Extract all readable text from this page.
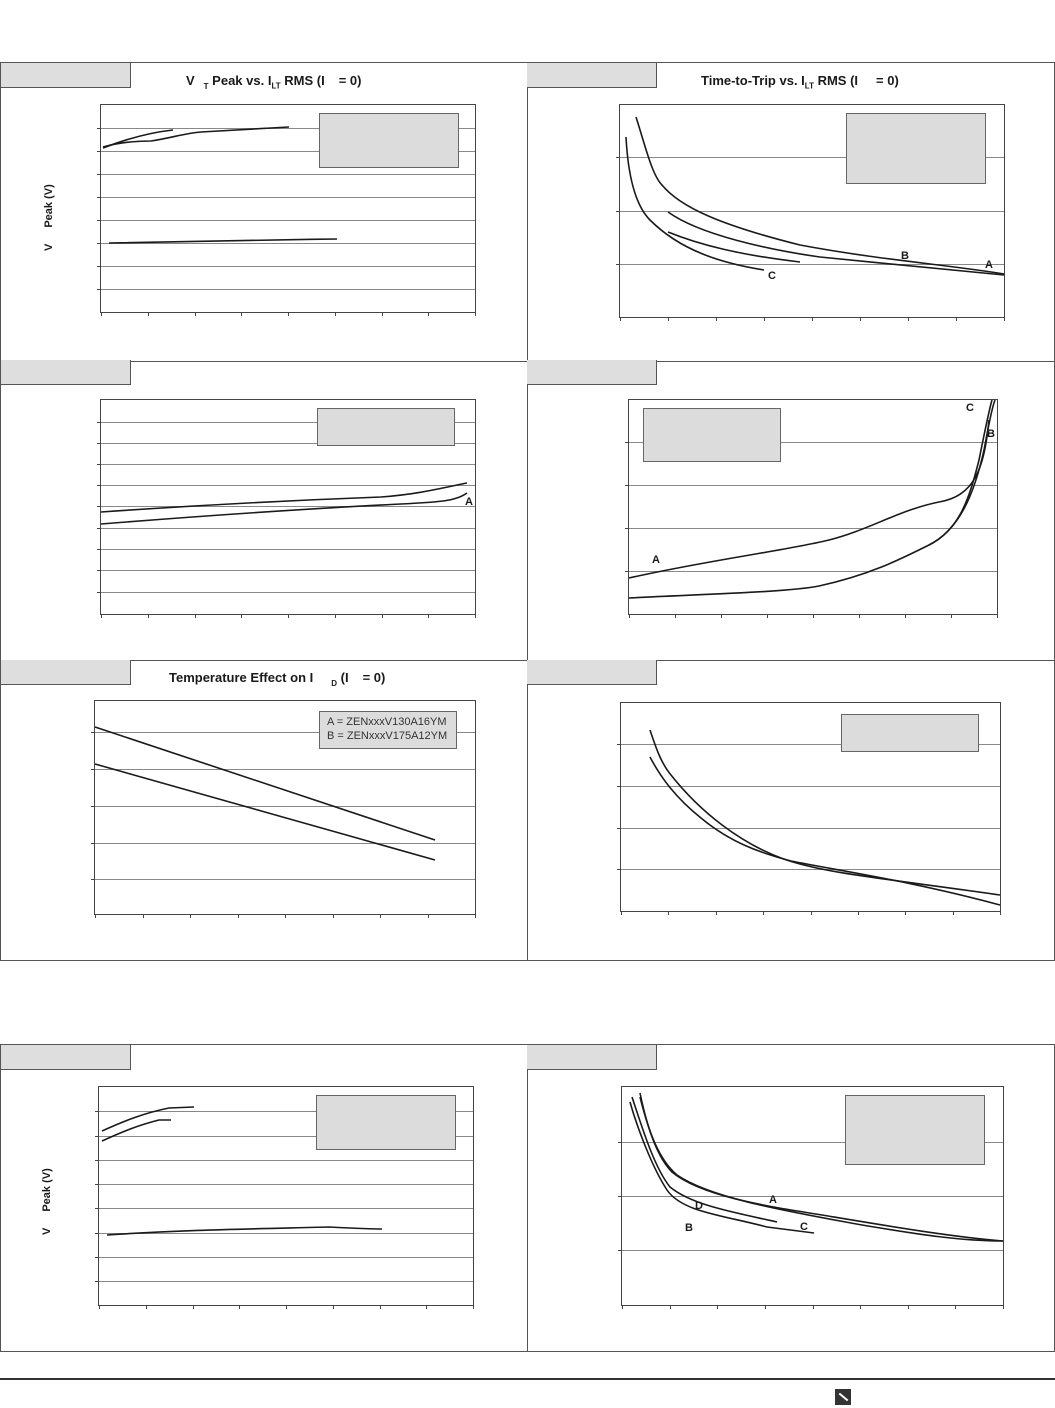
V $_T$ Peak vs. $I_{LT}$ RMS (I = 0)
VPeak (V)
Time-to-Trip vs. $I_{LT}$ RMS (I = 0)
B
A
C
A
C
B
A
Temperature Effect on I $_D$ (I = 0)
A = ZENxxxV130A16YM
B = ZENxxxV175A12YM
VPeak (V)	A
D
C
B
